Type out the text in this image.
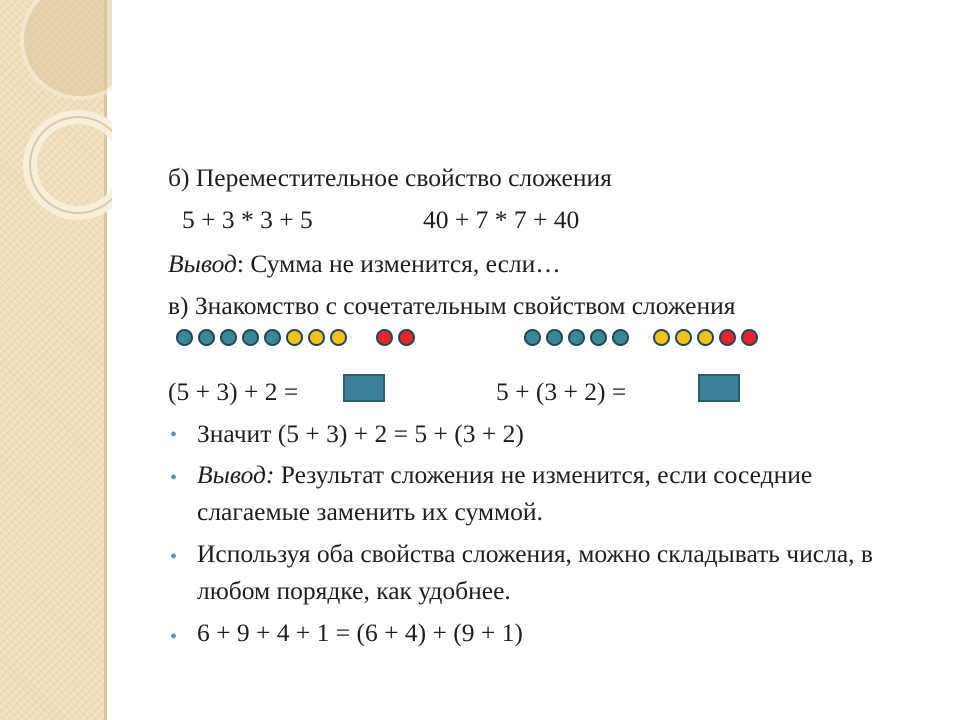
б) Переместительное свойство сложения
5 + 3 * 3 + 5	40 + 7 * 7 + 40
Вывод: Сумма не изменится, если…
в) Знакомство с сочетательным свойством сложения
(5 + 3) + 2 =	5 + (3 + 2) =
• Значит (5 + 3) + 2 = 5 + (3 + 2)
• Вывод: Результат сложения не изменится, если соседние слагаемые заменить их суммой.
• Используя оба свойства сложения, можно складывать числа, в любом порядке, как удобнее.
• 6 + 9 + 4 + 1 = (6 + 4) + (9 + 1)
